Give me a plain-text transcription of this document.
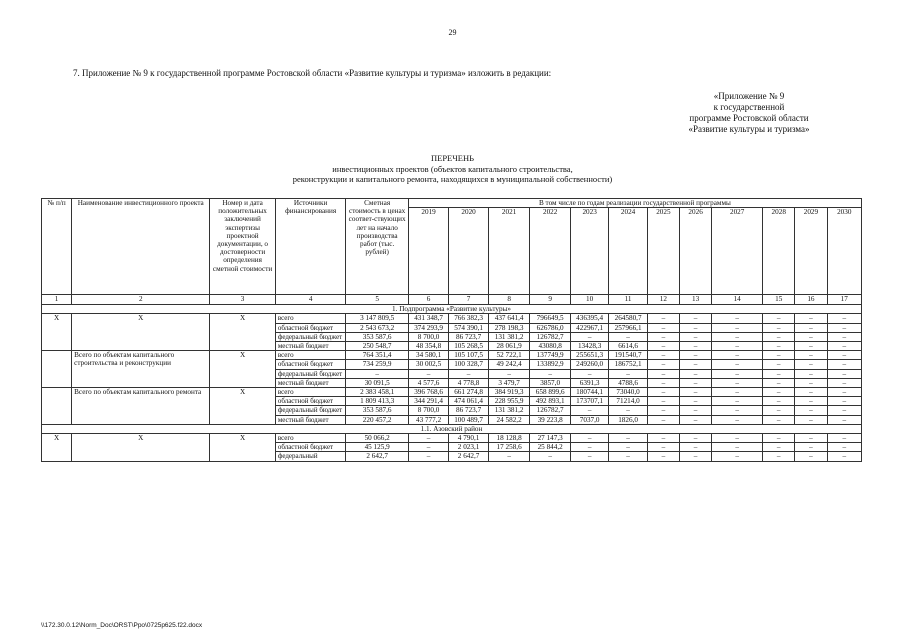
29
7. Приложение № 9 к государственной программе Ростовской области «Развитие культуры и туризма» изложить в редакции:
«Приложение № 9
к государственной
программе Ростовской области
«Развитие культуры и туризма»
ПЕРЕЧЕНЬ
инвестиционных проектов (объектов капитального строительства,
реконструкции и капитального ремонта, находящихся в муниципальной собственности)
№ п/п	Наименование инвестиционного проекта	Номер и дата положительных заключений экспертизы проектной документации, о достоверности определения сметной стоимости	Источники финансирования	Сметная стоимость в ценах соответ-ствующих лет на начало производства работ (тыс. рублей)	В том числе по годам реализации государственной программы											
					2019	2020	2021	2022	2023	2024	2025	2026	2027	2028	2029	2030
1	2	3	4	5	6	7	8	9	10	11	12	13	14	15	16	17
1. Подпрограмма «Развитие культуры»																
Х	Х	Х	всего	3 147 809,5	431 348,7	766 382,3	437 641,4	796649,5	436395,4	264580,7	–	–	–	–	–	–
			областной бюджет	2 543 673,2	374 293,9	574 390,1	278 198,3	626786,0	422967,1	257966,1	–	–	–	–	–	–
			федеральный бюджет	353 587,6	8 700,0	86 723,7	131 381,2	126782,7	–	–	–	–	–	–	–	–
			местный бюджет	250 548,7	48 354,8	105 268,5	28 061,9	43080,8	13428,3	6614,6	–	–	–	–	–	–
	Всего по объектам капитального строительства и реконструкции	Х	всего	764 351,4	34 580,1	105 107,5	52 722,1	137749,9	255651,3	191540,7	–	–	–	–	–	–
			областной бюджет	734 259,9	30 002,5	100 328,7	49 242,4	133892,9	249260,0	186752,1	–	–	–	–	–	–
			федеральный бюджет	–	–	–	–	–	–	–	–	–	–	–	–	–
			местный бюджет	30 091,5	4 577,6	4 778,8	3 479,7	3857,0	6391,3	4788,6	–	–	–	–	–	–
	Всего по объектам капитального ремонта	Х	всего	2 383 458,1	396 768,6	661 274,8	384 919,3	658 899,6	180744,1	73040,0	–	–	–	–	–	–
			областной бюджет	1 809 413,3	344 291,4	474 061,4	228 955,9	492 893,1	173707,1	71214,0	–	–	–	–	–	–
			федеральный бюджет	353 587,6	8 700,0	86 723,7	131 381,2	126782,7	–	–	–	–	–	–	–	–
			местный бюджет	220 457,2	43 777,2	100 489,7	24 582,2	39 223,8	7037,0	1826,0	–	–	–	–	–	–
1.1. Азовский район																
Х	Х	Х	всего	50 066,2	–	4 790,1	18 128,8	27 147,3	–	–	–	–	–	–	–	–
			областной бюджет	45 125,9	–	2 023,1	17 258,6	25 844,2	–	–	–	–	–	–	–	–
			федеральный	2 642,7	–	2 642,7	–	–	–	–	–	–	–	–	–	–
\\172.30.0.12\Norm_Doc\ORST\Ppo\0725p625.f22.docx
